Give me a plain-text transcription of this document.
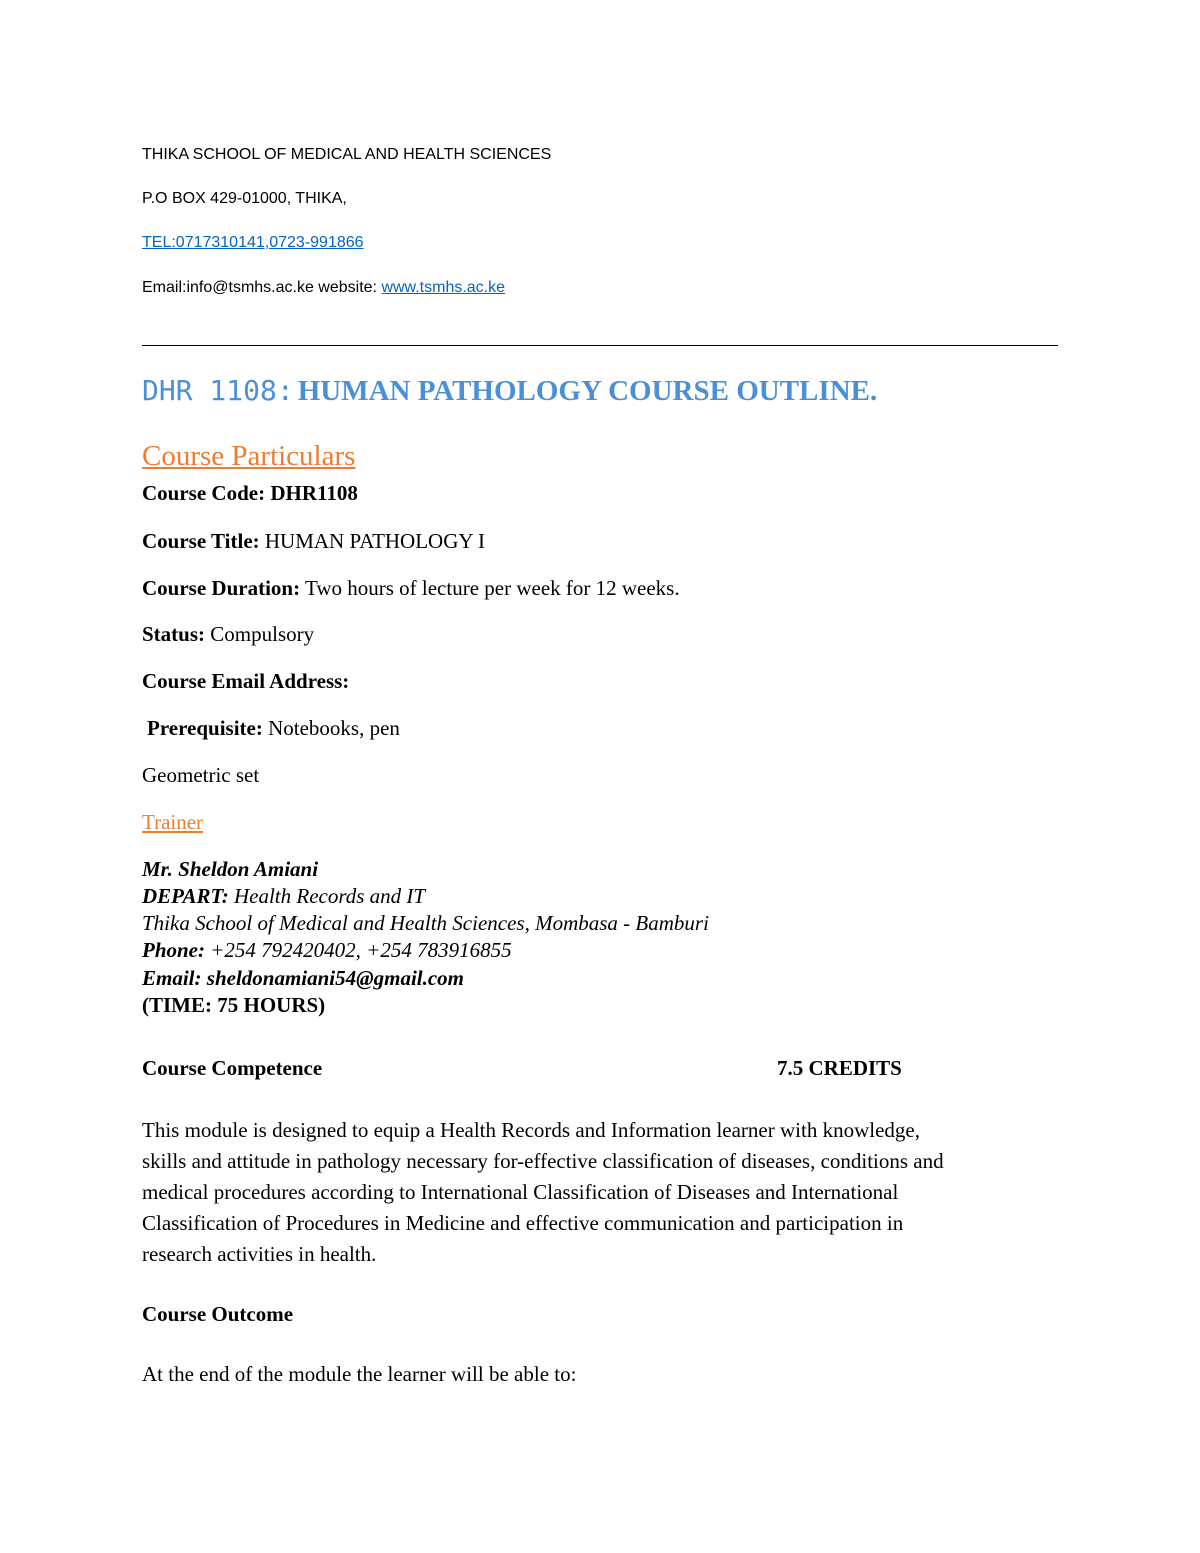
THIKA SCHOOL OF MEDICAL AND HEALTH SCIENCES
P.O BOX 429-01000, THIKA,
TEL:0717310141,0723-991866
Email:info@tsmhs.ac.ke website: www.tsmhs.ac.ke
DHR 1108: HUMAN PATHOLOGY COURSE OUTLINE.
Course Particulars
Course Code: DHR1108
Course Title: HUMAN PATHOLOGY I
Course Duration: Two hours of lecture per week for 12 weeks.
Status: Compulsory
Course Email Address:
Prerequisite: Notebooks, pen
Geometric set
Trainer
Mr. Sheldon Amiani
DEPART: Health Records and IT
Thika School of Medical and Health Sciences, Mombasa - Bamburi
Phone: +254 792420402, +254 783916855
Email: sheldonamiani54@gmail.com
(TIME: 75 HOURS)
Course Competence	7.5 CREDITS
This module is designed to equip a Health Records and Information learner with knowledge,
skills and attitude in pathology necessary for-effective classification of diseases, conditions and
medical procedures according to International Classification of Diseases and International
Classification of Procedures in Medicine and effective communication and participation in
research activities in health.
Course Outcome
At the end of the module the learner will be able to:
